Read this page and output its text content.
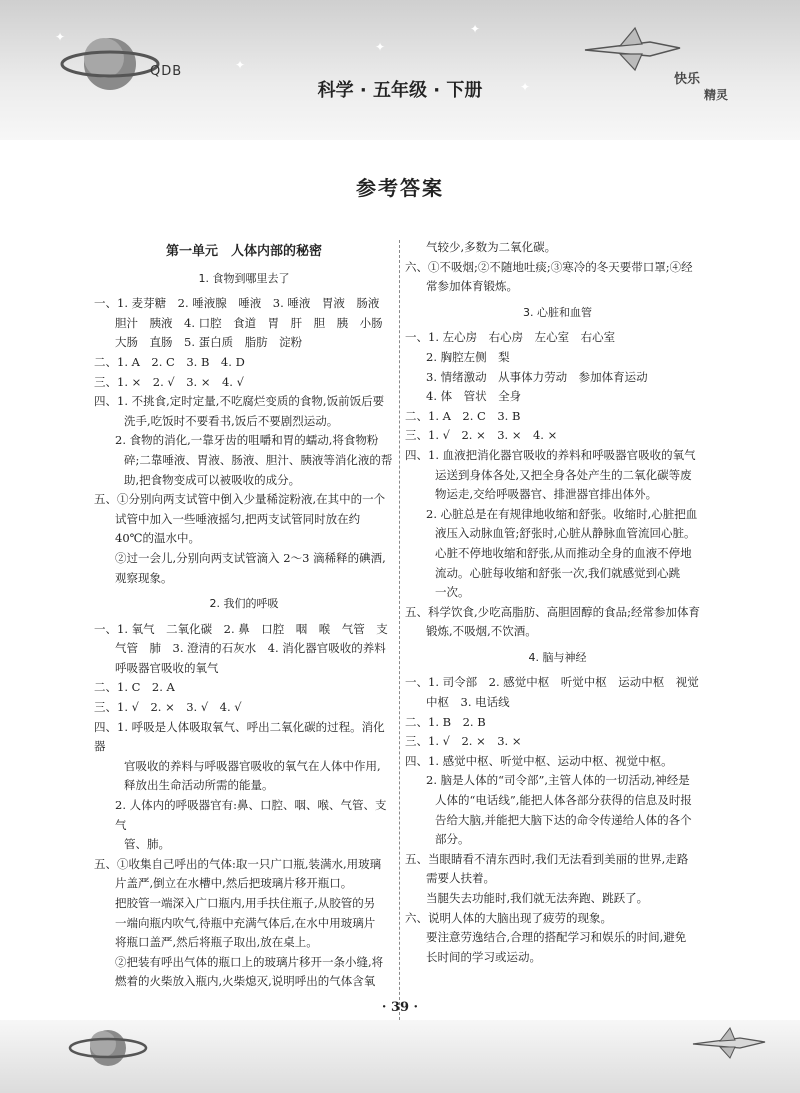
QDB
科学 · 五年级 · 下册
快乐
精灵
✦
✦
✦
✦
✦
参考答案
第一单元　人体内部的秘密
1. 食物到哪里去了

一、1. 麦芽糖　2. 唾液腺　唾液　3. 唾液　胃液　肠液

胆汁　胰液　4. 口腔　食道　胃　肝　胆　胰　小肠

大肠　直肠　5. 蛋白质　脂肪　淀粉

二、1. A　2. C　3. B　4. D

三、1. ×　2. √　3. ×　4. √

四、1. 不挑食,定时定量,不吃腐烂变质的食物,饭前饭后要

洗手,吃饭时不要看书,饭后不要剧烈运动。

2. 食物的消化,一靠牙齿的咀嚼和胃的蠕动,将食物粉

碎;二靠唾液、胃液、肠液、胆汁、胰液等消化液的帮

助,把食物变成可以被吸收的成分。

五、①分别向两支试管中倒入少量稀淀粉液,在其中的一个

试管中加入一些唾液摇匀,把两支试管同时放在约

40℃的温水中。

②过一会儿,分别向两支试管滴入 2～3 滴稀释的碘酒,

观察现象。

2. 我们的呼吸

一、1. 氧气　二氧化碳　2. 鼻　口腔　咽　喉　气管　支

气管　肺　3. 澄清的石灰水　4. 消化器官吸收的养料

呼吸器官吸收的氧气

二、1. C　2. A

三、1. √　2. ×　3. √　4. √

四、1. 呼吸是人体吸取氧气、呼出二氧化碳的过程。消化器

官吸收的养料与呼吸器官吸收的氧气在人体中作用,

释放出生命活动所需的能量。

2. 人体内的呼吸器官有:鼻、口腔、咽、喉、气管、支气

管、肺。

五、①收集自己呼出的气体:取一只广口瓶,装满水,用玻璃

片盖严,倒立在水槽中,然后把玻璃片移开瓶口。

把胶管一端深入广口瓶内,用手扶住瓶子,从胶管的另

一端向瓶内吹气,待瓶中充满气体后,在水中用玻璃片

将瓶口盖严,然后将瓶子取出,放在桌上。

②把装有呼出气体的瓶口上的玻璃片移开一条小缝,将

燃着的火柴放入瓶内,火柴熄灭,说明呼出的气体含氧

气较少,多数为二氧化碳。

六、①不吸烟;②不随地吐痰;③寒冷的冬天要带口罩;④经

常参加体育锻炼。

3. 心脏和血管

一、1. 左心房　右心房　左心室　右心室

2. 胸腔左侧　梨

3. 情绪激动　从事体力劳动　参加体育运动

4. 体　管状　全身

二、1. A　2. C　3. B

三、1. √　2. ×　3. ×　4. ×

四、1. 血液把消化器官吸收的养料和呼吸器官吸收的氧气

运送到身体各处,又把全身各处产生的二氧化碳等废

物运走,交给呼吸器官、排泄器官排出体外。

2. 心脏总是在有规律地收缩和舒张。收缩时,心脏把血

液压入动脉血管;舒张时,心脏从静脉血管流回心脏。

心脏不停地收缩和舒张,从而推动全身的血液不停地

流动。心脏每收缩和舒张一次,我们就感觉到心跳

一次。

五、科学饮食,少吃高脂肪、高胆固醇的食品;经常参加体育

锻炼,不吸烟,不饮酒。

4. 脑与神经

一、1. 司令部　2. 感觉中枢　听觉中枢　运动中枢　视觉

中枢　3. 电话线

二、1. B　2. B

三、1. √　2. ×　3. ×

四、1. 感觉中枢、听觉中枢、运动中枢、视觉中枢。

2. 脑是人体的“司令部”,主管人体的一切活动,神经是

人体的“电话线”,能把人体各部分获得的信息及时报

告给大脑,并能把大脑下达的命令传递给人体的各个

部分。

五、当眼睛看不清东西时,我们无法看到美丽的世界,走路

需要人扶着。

当腿失去功能时,我们就无法奔跑、跳跃了。

六、说明人体的大脑出现了疲劳的现象。

要注意劳逸结合,合理的搭配学习和娱乐的时间,避免

长时间的学习或运动。

· 39 ·
